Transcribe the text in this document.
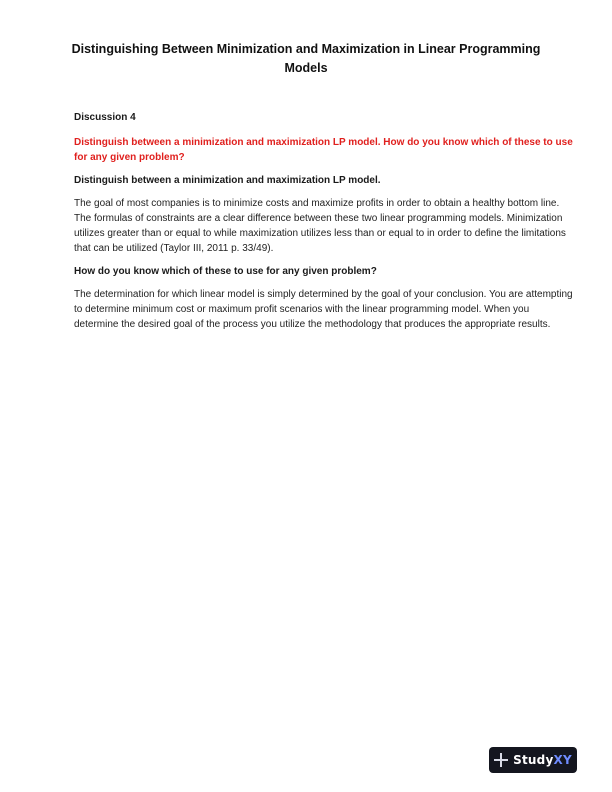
Distinguishing Between Minimization and Maximization in Linear Programming Models

Discussion 4

Distinguish between a minimization and maximization LP model. How do you know which of these to use for any given problem?

Distinguish between a minimization and maximization LP model.

The goal of most companies is to minimize costs and maximize profits in order to obtain a healthy bottom line. The formulas of constraints are a clear difference between these two linear programming models. Minimization utilizes greater than or equal to while maximization utilizes less than or equal to in order to define the limitations that can be utilized (Taylor III, 2011 p. 33/49).

How do you know which of these to use for any given problem?

The determination for which linear model is simply determined by the goal of your conclusion. You are attempting to determine minimum cost or maximum profit scenarios with the linear programming model. When you determine the desired goal of the process you utilize the methodology that produces the appropriate results.

StudyXY
